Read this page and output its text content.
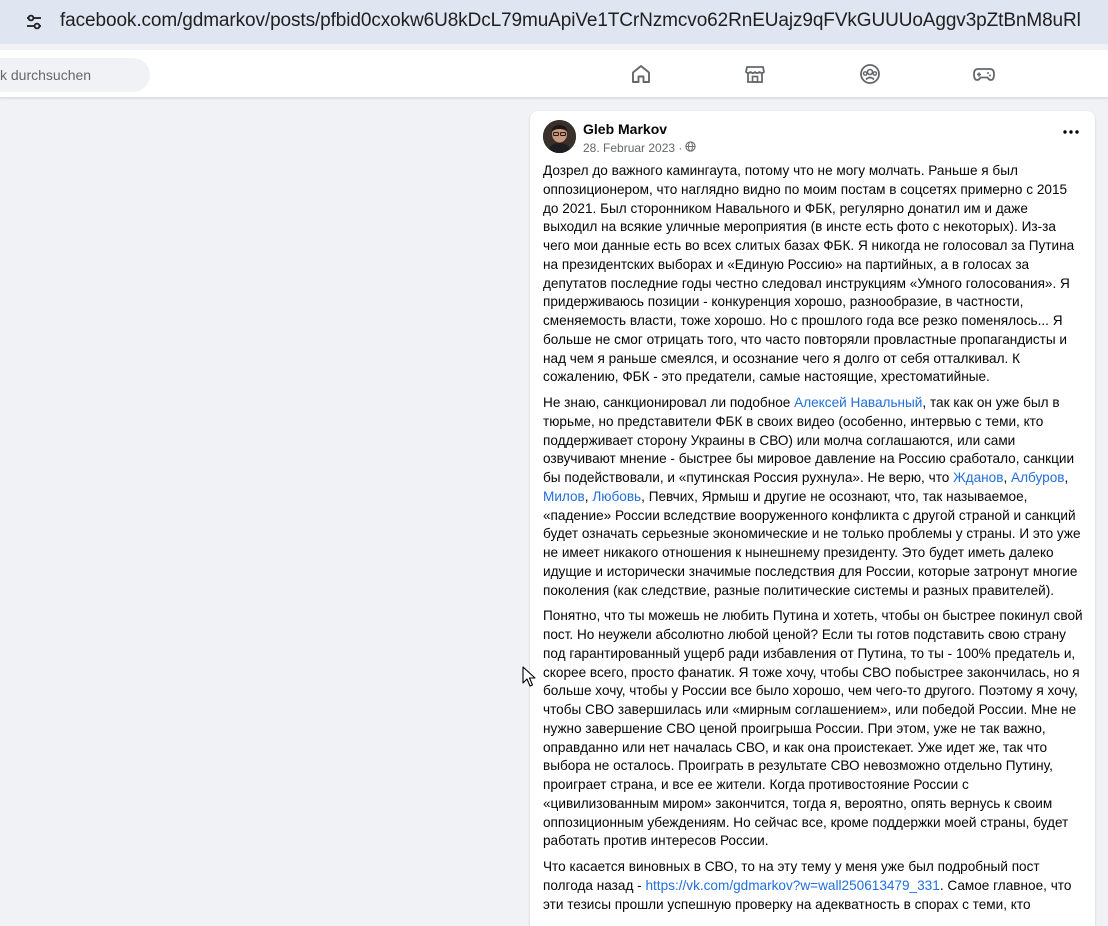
facebook.com/gdmarkov/posts/pfbid0cxokw6U8kDcL79muApiVe1TCrNzmcvo62RnEUajz9qFVkGUUUoAggv3pZtBnM8uRl
k durchsuchen
Gleb Markov
28. Februar 2023 ·

Дозрел до важного камингаута, потому что не могу молчать. Раньше я был оппозиционером, что наглядно видно по моим постам в соцсетях примерно с 2015 до 2021. Был сторонником Навального и ФБК, регулярно донатил им и даже выходил на всякие уличные мероприятия (в инсте есть фото с некоторых). Из-за чего мои данные есть во всех слитых базах ФБК. Я никогда не голосовал за Путина на президентских выборах и «Единую Россию» на партийных, а в голосах за депутатов последние годы честно следовал инструкциям «Умного голосования». Я придерживаюсь позиции - конкуренция хорошо, разнообразие, в частности, сменяемость власти, тоже хорошо. Но с прошлого года все резко поменялось... Я больше не смог отрицать того, что часто повторяли провластные пропагандисты и над чем я раньше смеялся, и осознание чего я долго от себя отталкивал. К сожалению, ФБК - это предатели, самые настоящие, хрестоматийные.

Не знаю, санкционировал ли подобное Алексей Навальный, так как он уже был в тюрьме, но представители ФБК в своих видео (особенно, интервью с теми, кто поддерживает сторону Украины в СВО) или молча соглашаются, или сами озвучивают мнение - быстрее бы мировое давление на Россию сработало, санкции бы подействовали, и «путинская Россия рухнула». Не верю, что Жданов, Албуров, Милов, Любовь, Певчих, Ярмыш и другие не осознают, что, так называемое, «падение» России вследствие вооруженного конфликта с другой страной и санкций будет означать серьезные экономические и не только проблемы у страны. И это уже не имеет никакого отношения к нынешнему президенту. Это будет иметь далеко идущие и исторически значимые последствия для России, которые затронут многие поколения (как следствие, разные политические системы и разных правителей).

Понятно, что ты можешь не любить Путина и хотеть, чтобы он быстрее покинул свой пост. Но неужели абсолютно любой ценой? Если ты готов подставить свою страну под гарантированный ущерб ради избавления от Путина, то ты - 100% предатель и, скорее всего, просто фанатик. Я тоже хочу, чтобы СВО побыстрее закончилась, но я больше хочу, чтобы у России все было хорошо, чем чего-то другого. Поэтому я хочу, чтобы СВО завершилась или «мирным соглашением», или победой России. Мне не нужно завершение СВО ценой проигрыша России. При этом, уже не так важно, оправданно или нет началась СВО, и как она проистекает. Уже идет же, так что выбора не осталось. Проиграть в результате СВО невозможно отдельно Путину, проиграет страна, и все ее жители. Когда противостояние России с «цивилизованным миром» закончится, тогда я, вероятно, опять вернусь к своим оппозиционным убеждениям. Но сейчас все, кроме поддержки моей страны, будет работать против интересов России.

Что касается виновных в СВО, то на эту тему у меня уже был подробный пост полгода назад - https://vk.com/gdmarkov?w=wall250613479_331. Самое главное, что эти тезисы прошли успешную проверку на адекватность в спорах с теми, кто
